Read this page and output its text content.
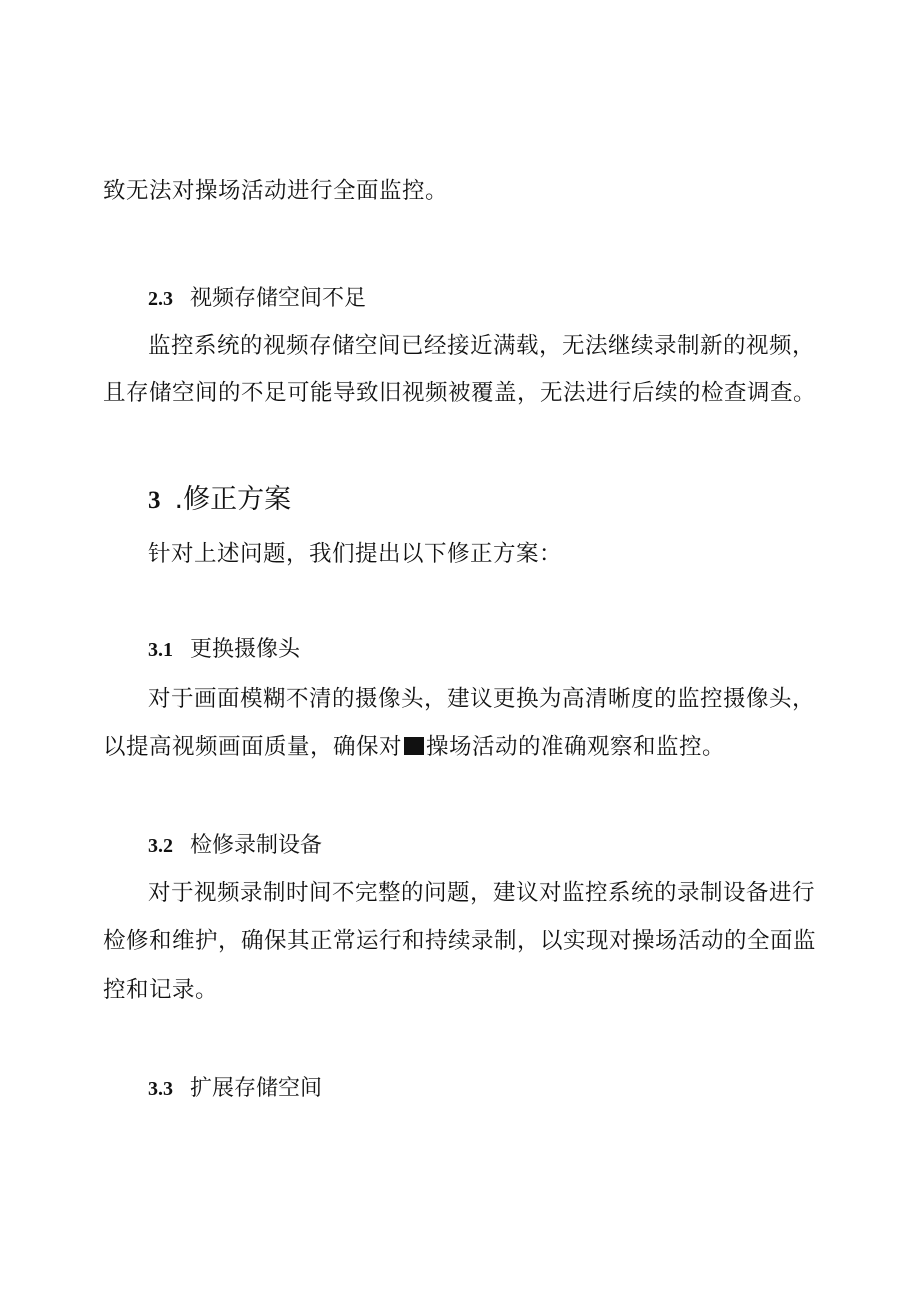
致无法对操场活动进行全面监控。
2.3 视频存储空间不足
监控系统的视频存储空间已经接近满载，无法继续录制新的视频，
且存储空间的不足可能导致旧视频被覆盖，无法进行后续的检查调查。
3 .修正方案
针对上述问题，我们提出以下修正方案：
3.1 更换摄像头
对于画面模糊不清的摄像头，建议更换为高清晰度的监控摄像头，
以提高视频画面质量，确保对 操场活动的准确观察和监控。
3.2 检修录制设备
对于视频录制时间不完整的问题，建议对监控系统的录制设备进行
检修和维护，确保其正常运行和持续录制，以实现对操场活动的全面监
控和记录。
3.3 扩展存储空间
